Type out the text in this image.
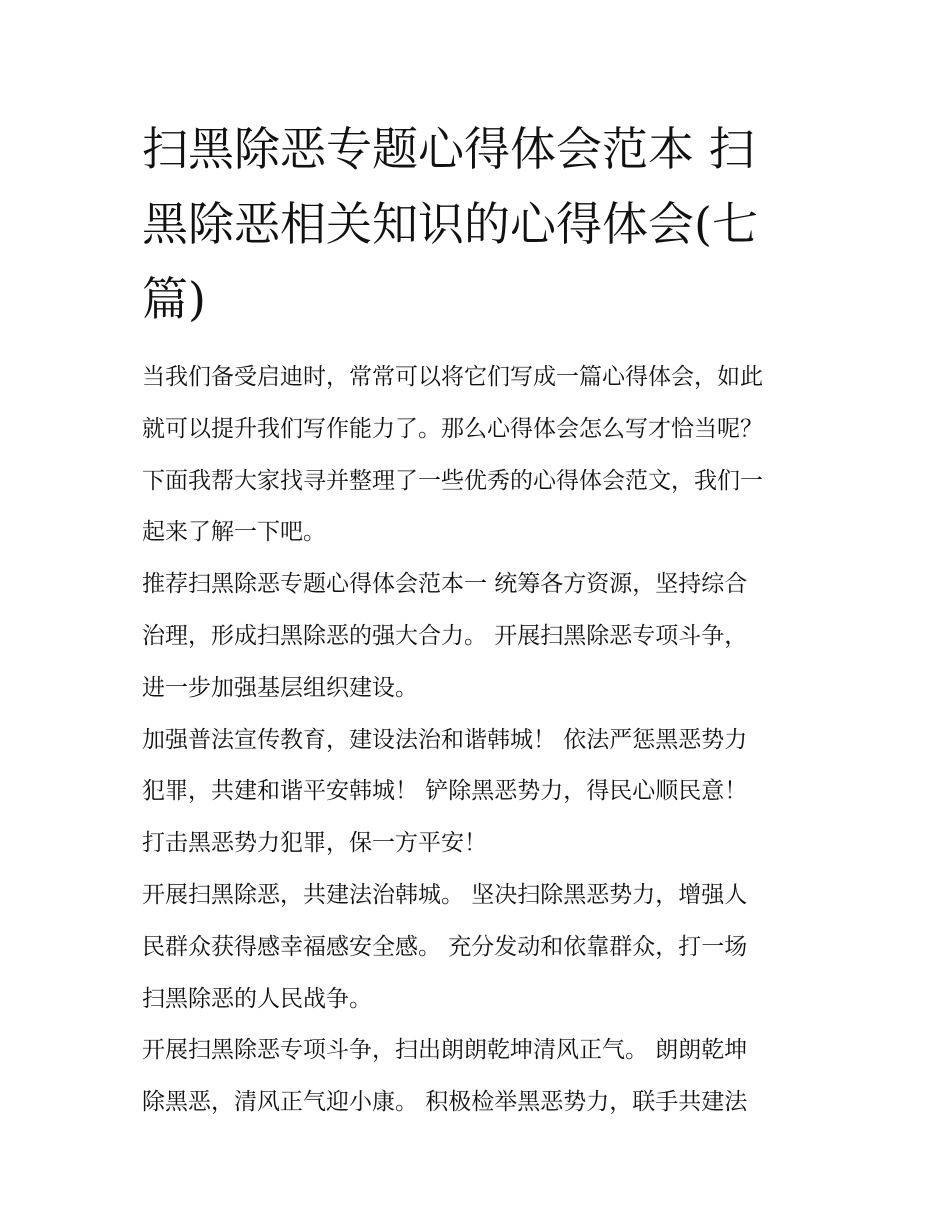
扫黑除恶专题心得体会范本 扫
黑除恶相关知识的心得体会(七
篇)

当我们备受启迪时，常常可以将它们写成一篇心得体会，如此
就可以提升我们写作能力了。那么心得体会怎么写才恰当呢？
下面我帮大家找寻并整理了一些优秀的心得体会范文，我们一
起来了解一下吧。

推荐扫黑除恶专题心得体会范本一 统筹各方资源，坚持综合
治理，形成扫黑除恶的强大合力。 开展扫黑除恶专项斗争，
进一步加强基层组织建设。

加强普法宣传教育，建设法治和谐韩城！ 依法严惩黑恶势力
犯罪，共建和谐平安韩城！ 铲除黑恶势力，得民心顺民意！
打击黑恶势力犯罪，保一方平安！

开展扫黑除恶，共建法治韩城。 坚决扫除黑恶势力，增强人
民群众获得感幸福感安全感。 充分发动和依靠群众，打一场
扫黑除恶的人民战争。

开展扫黑除恶专项斗争，扫出朗朗乾坤清风正气。 朗朗乾坤
除黑恶，清风正气迎小康。 积极检举黑恶势力，联手共建法
